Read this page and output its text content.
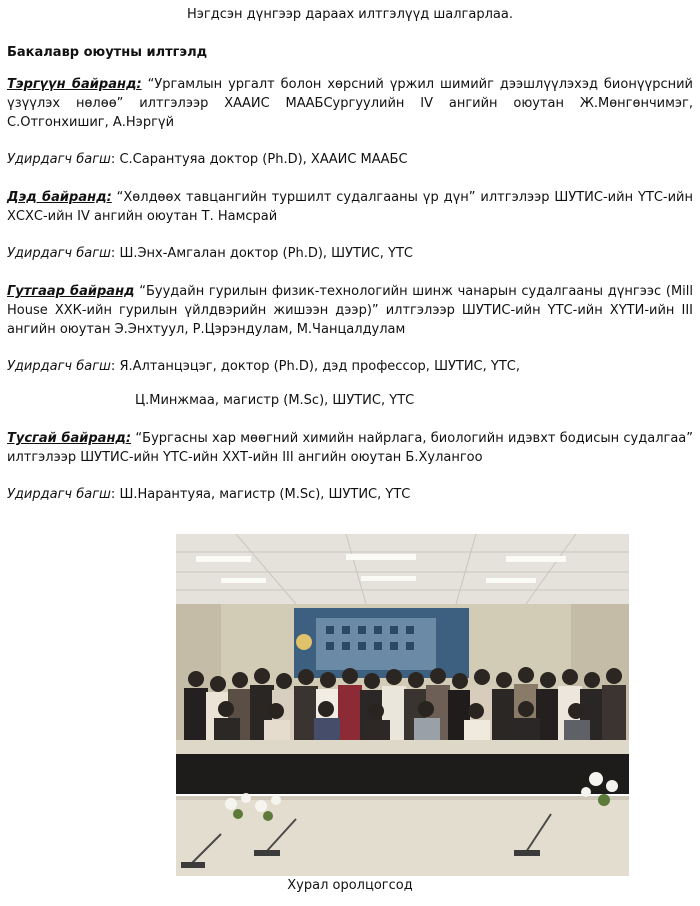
Нэгдсэн дүнгээр дараах илтгэлүүд шалгарлаа.
Бакалавр оюутны илтгэлд
Тэргүүн байранд: “Ургамлын ургалт болон хөрсний үржил шимийг дээшлүүлэхэд бионүүрсний үзүүлэх нөлөө” илтгэлээр ХААИС МААБСургуулийн IV ангийн оюутан Ж.Мөнгөнчимэг, С.Отгонхишиг, А.Нэргүй
Удирдагч багш: С.Сарантуяа доктор (Ph.D), ХААИС МААБС
Дэд байранд: “Хөлдөөх тавцангийн туршилт судалгааны үр дүн” илтгэлээр ШУТИС-ийн ҮТС-ийн ХСХС-ийн IV ангийн оюутан Т. Намсрай
Удирдагч багш: Ш.Энх-Амгалан доктор (Ph.D), ШУТИС, ҮТС
Гутгаар байранд “Буудайн гурилын физик-технологийн шинж чанарын судалгааны дүнгээс (Mill House ХХК-ийн гурилын үйлдвэрийн жишээн дээр)” илтгэлээр ШУТИС-ийн ҮТС-ийн ХҮТИ-ийн III ангийн оюутан Э.Энхтуул, Р.Цэрэндулам, М.Чанцалдулам
Удирдагч багш: Я.Алтанцэцэг, доктор (Ph.D), дэд профессор, ШУТИС, ҮТС,
Ц.Минжмаа, магистр (M.Sc), ШУТИС, ҮТС
Тусгай байранд: “Бургасны хар мөөгний химийн найрлага, биологийн идэвхт бодисын судалгаа” илтгэлээр ШУТИС-ийн ҮТС-ийн ХХТ-ийн III ангийн оюутан Б.Хулангоо
Удирдагч багш: Ш.Нарантуяа, магистр (M.Sc), ШУТИС, ҮТС
Хурал оролцогсод
